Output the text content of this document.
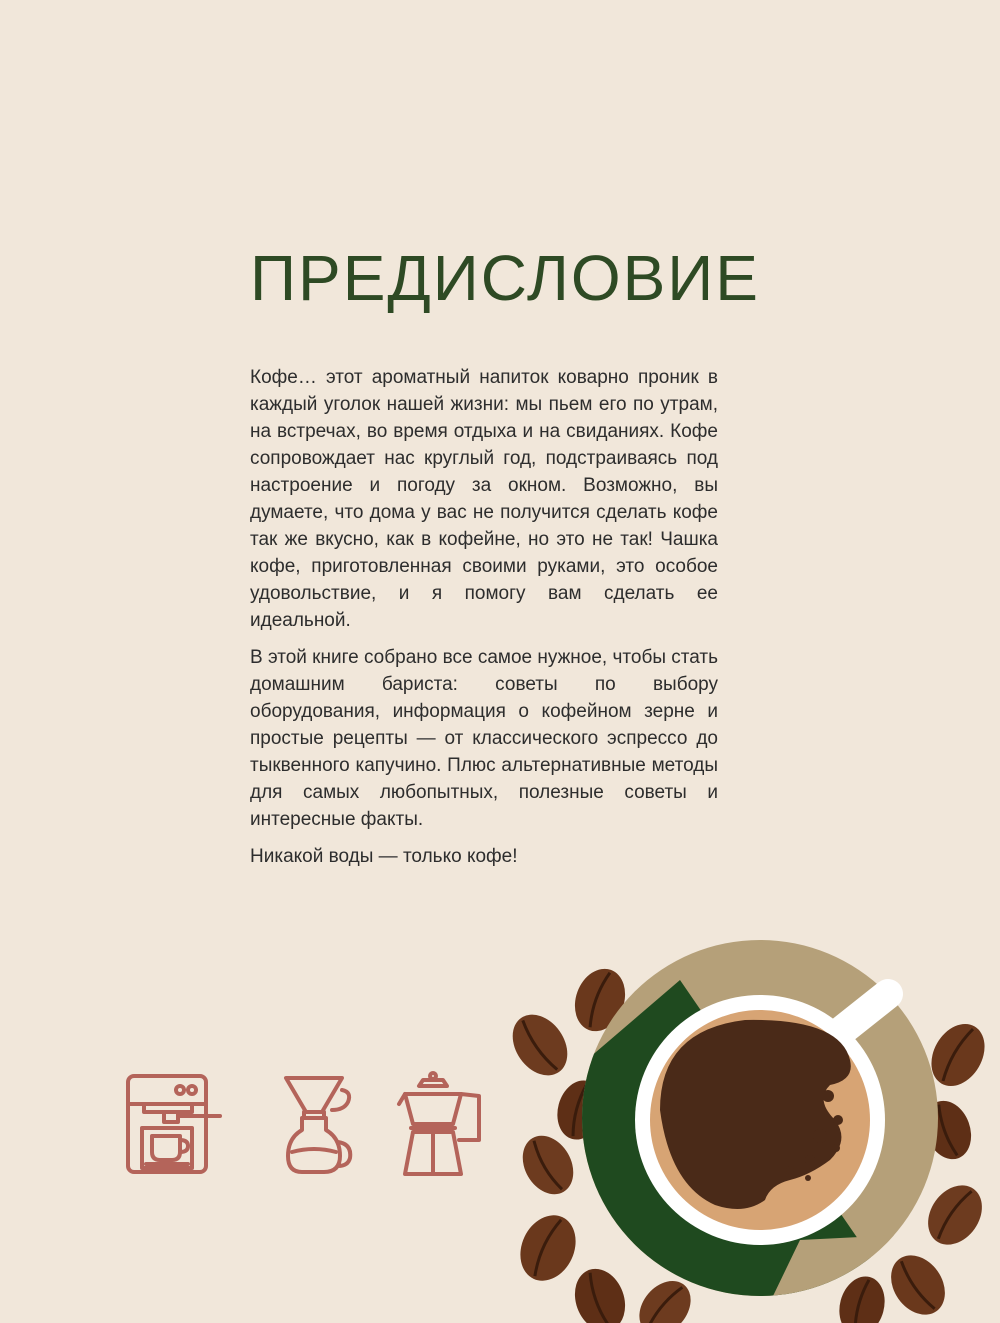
ПРЕДИСЛОВИЕ

Кофе… этот ароматный напиток коварно проник в каждый уголок нашей жизни: мы пьем его по утрам, на встречах, во время отдыха и на свиданиях. Кофе сопровождает нас круглый год, подстраиваясь под настроение и погоду за окном. Возможно, вы думаете, что дома у вас не получится сделать кофе так же вкусно, как в кофейне, но это не так! Чашка кофе, приготовленная своими руками, это особое удовольствие, и я помогу вам сделать ее идеальной.

В этой книге собрано все самое нужное, чтобы стать домашним бариста: советы по выбору оборудования, информация о кофейном зерне и простые рецепты — от классического эспрессо до тыквенного капучино. Плюс альтернативные методы для самых любопытных, полезные советы и интересные факты.

Никакой воды — только кофе!
